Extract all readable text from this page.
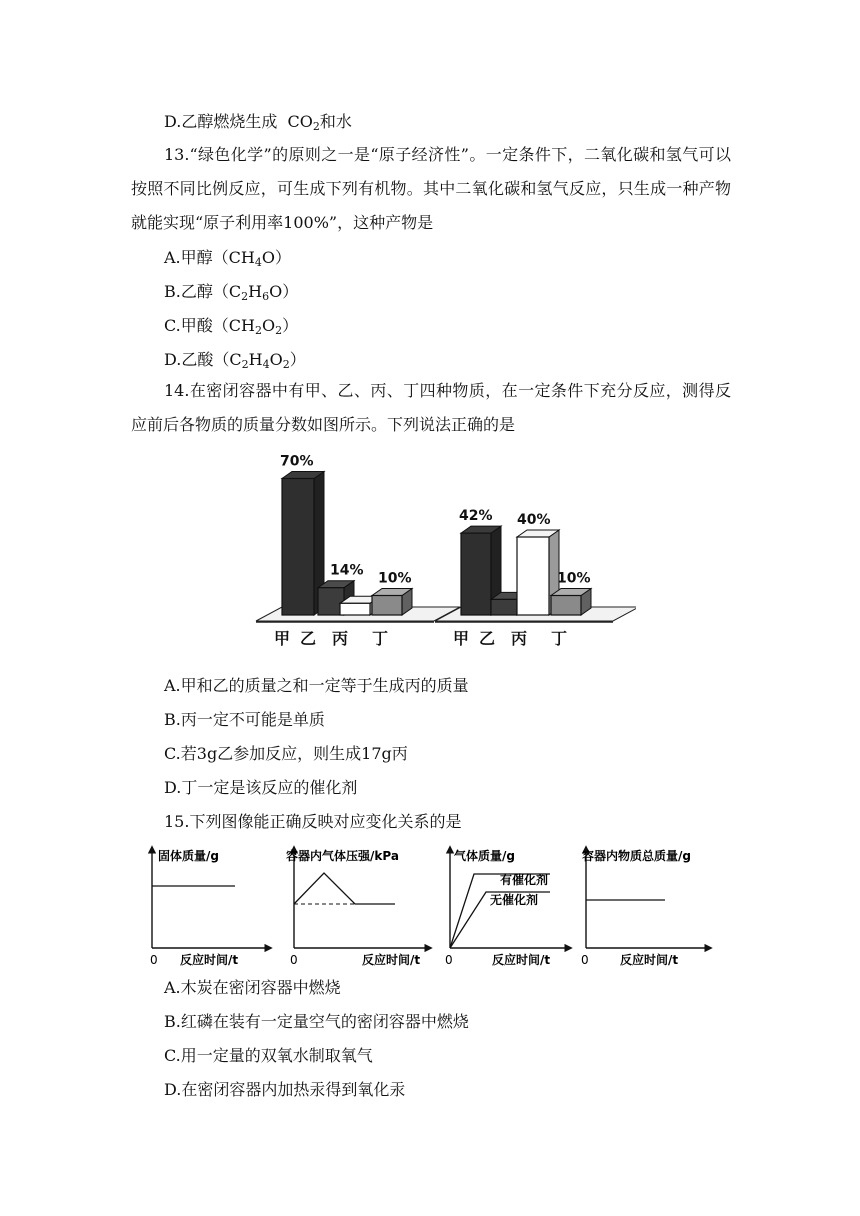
D.乙醇燃烧生成 $CO_2$和水
13.“绿色化学”的原则之一是“原子经济性”。一定条件下，二氧化碳和氢气可以按照不同比例反应，可生成下列有机物。其中二氧化碳和氢气反应，只生成一种产物就能实现“原子利用率100%”，这种产物是
A.甲醇$(CH_4O)$
B.乙醇$(C_2H_6O)$
C.甲酸$(CH_2O_2)$
D.乙酸$(C_2H_4O_2)$
14.在密闭容器中有甲、乙、丙、丁四种物质，在一定条件下充分反应，测得反应前后各物质的质量分数如图所示。下列说法正确的是
甲 乙 丙 丁	甲 乙 丙 丁
70%
14% 10%
42% 40%
10%
A.甲和乙的质量之和一定等于生成丙的质量
B.丙一定不可能是单质
C.若3g乙参加反应，则生成17g丙
D.丁一定是该反应的催化剂
15.下列图像能正确反映对应变化关系的是
固体质量/g
反应时间/t
0
容器内气体压强/kPa
反应时间/t
0
气体质量/g
反应时间/t
0
有催化剂
无催化剂
容器内物质总质量/g
反应时间/t
0
A.木炭在密闭容器中燃烧
B.红磷在装有一定量空气的密闭容器中燃烧
C.用一定量的双氧水制取氧气
D.在密闭容器内加热汞得到氧化汞
